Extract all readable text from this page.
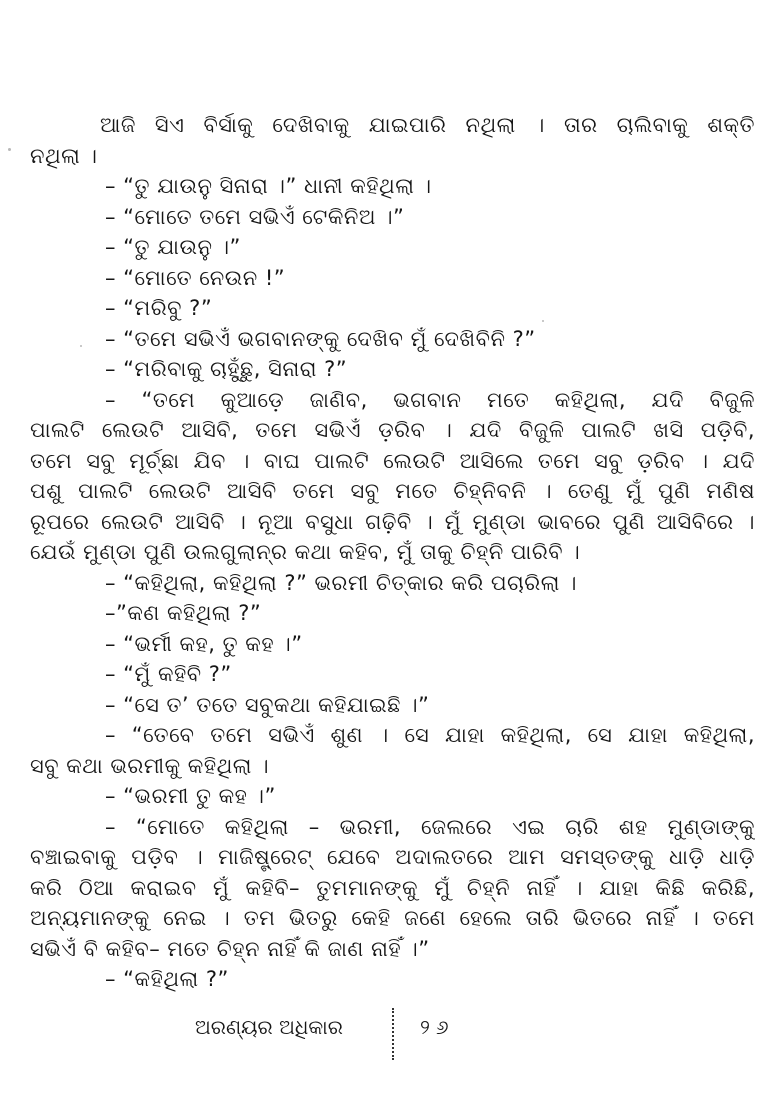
ଆଜି ସିଏ ବିର୍ସାକୁ ଦେଖିବାକୁ ଯାଇପାରି ନଥିଲା । ତାର ଚାଲିବାକୁ ଶକ୍ତି
ନଥିଲା ।
– “ତୁ ଯାଉନୁ ସିନାରା ।” ଧାନୀ କହିଥିଲା ।
– “ମୋତେ ତମେ ସଭିଏଁ ଟେକିନିଅ ।”
– “ତୁ ଯାଉନୁ ।”
– “ମୋତେ ନେଉନ !”
– “ମରିବୁ ?”
– “ତମେ ସଭିଏଁ ଭଗବାନଙ୍କୁ ଦେଖିବ ମୁଁ ଦେଖିବିନି ?”
– “ମରିବାକୁ ଚାହୁଁଛୁ, ସିନାରା ?”
– “ତମେ କୁଆଡ଼େ ଜାଣିବ, ଭଗବାନ ମତେ କହିଥିଲା, ଯଦି ବିଜୁଳି
ପାଲଟି ଲେଉଟି ଆସିବି, ତମେ ସଭିଏଁ ଡ଼ରିବ । ଯଦି ବିଜୁଳି ପାଲଟି ଖସି ପଡ଼ିବି,
ତମେ ସବୁ ମୂର୍ଚ୍ଛା ଯିବ । ବାଘ ପାଲଟି ଲେଉଟି ଆସିଲେ ତମେ ସବୁ ଡ଼ରିବ । ଯଦି
ପଶୁ ପାଲଟି ଲେଉଟି ଆସିବି ତମେ ସବୁ ମତେ ଚିହ୍ନିବନି । ତେଣୁ ମୁଁ ପୁଣି ମଣିଷ
ରୂପରେ ଲେଉଟି ଆସିବି । ନୂଆ ବସୁଧା ଗଢ଼ିବି । ମୁଁ ମୁଣ୍ଡା ଭାବରେ ପୁଣି ଆସିବିରେ ।
ଯେଉଁ ମୁଣ୍ଡା ପୁଣି ଉଲଗୁଲାନ୍‌ର କଥା କହିବ, ମୁଁ ତାକୁ ଚିହ୍ନି ପାରିବି ।
– “କହିଥିଲା, କହିଥିଲା ?” ଭରମୀ ଚିତ୍କାର କରି ପଚାରିଲା ।
–”କଣ କହିଥିଲା ?”
– “ଭର୍ମୀ କହ, ତୁ କହ ।”
– “ମୁଁ କହିବି ?”
– “ସେ ତ’ ତତେ ସବୁକଥା କହିଯାଇଛି ।”
– “ତେବେ ତମେ ସଭିଏଁ ଶୁଣ । ସେ ଯାହା କହିଥିଲା, ସେ ଯାହା କହିଥିଲା,
ସବୁ କଥା ଭରମୀକୁ କହିଥିଲା ।
– “ଭରମୀ ତୁ କହ ।”
– “ମୋତେ କହିଥିଲା – ଭରମୀ, ଜେଲରେ ଏଇ ଚାରି ଶହ ମୁଣ୍ଡାଙ୍କୁ
ବଞ୍ଚାଇବାକୁ ପଡ଼ିବ । ମାଜିଷ୍ଟ୍ରେଟ୍ ଯେବେ ଅଦାଲତରେ ଆମ ସମସ୍ତଙ୍କୁ ଧାଡ଼ି ଧାଡ଼ି
କରି ଠିଆ କରାଇବ ମୁଁ କହିବି– ତୁମମାନଙ୍କୁ ମୁଁ ଚିହ୍ନି ନାହିଁ । ଯାହା କିଛି କରିଛି,
ଅନ୍ୟମାନଙ୍କୁ ନେଇ । ତମ ଭିତରୁ କେହି ଜଣେ ହେଲେ ତାରି ଭିତରେ ନାହିଁ । ତମେ
ସଭିଏଁ ବି କହିବ– ମତେ ଚିହ୍ନ ନାହିଁ କି ଜାଣ ନାହିଁ ।”
– “କହିଥିଲା ?”
ଅରଣ୍ୟର ଅଧିକାର	୨୬
